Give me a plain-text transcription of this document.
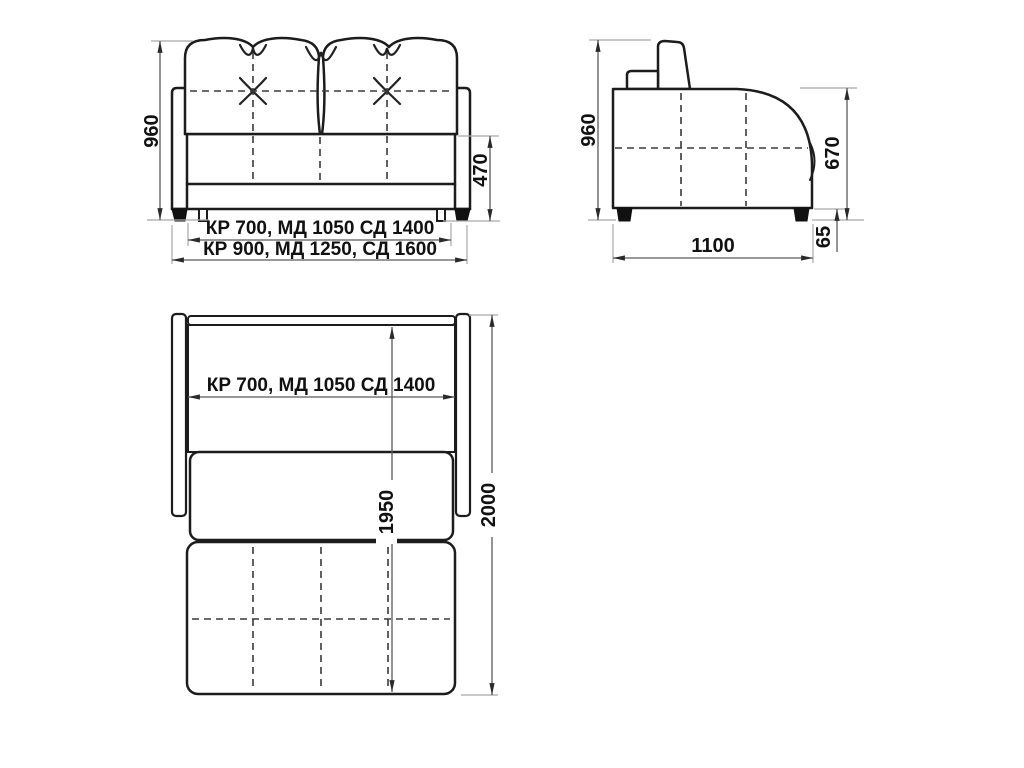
960
470
КР 700, МД 1050 СД 1400
КР 900, МД 1250, СД 1600
960
670
65
1100
КР 700, МД 1050 СД 1400
1950	2000
